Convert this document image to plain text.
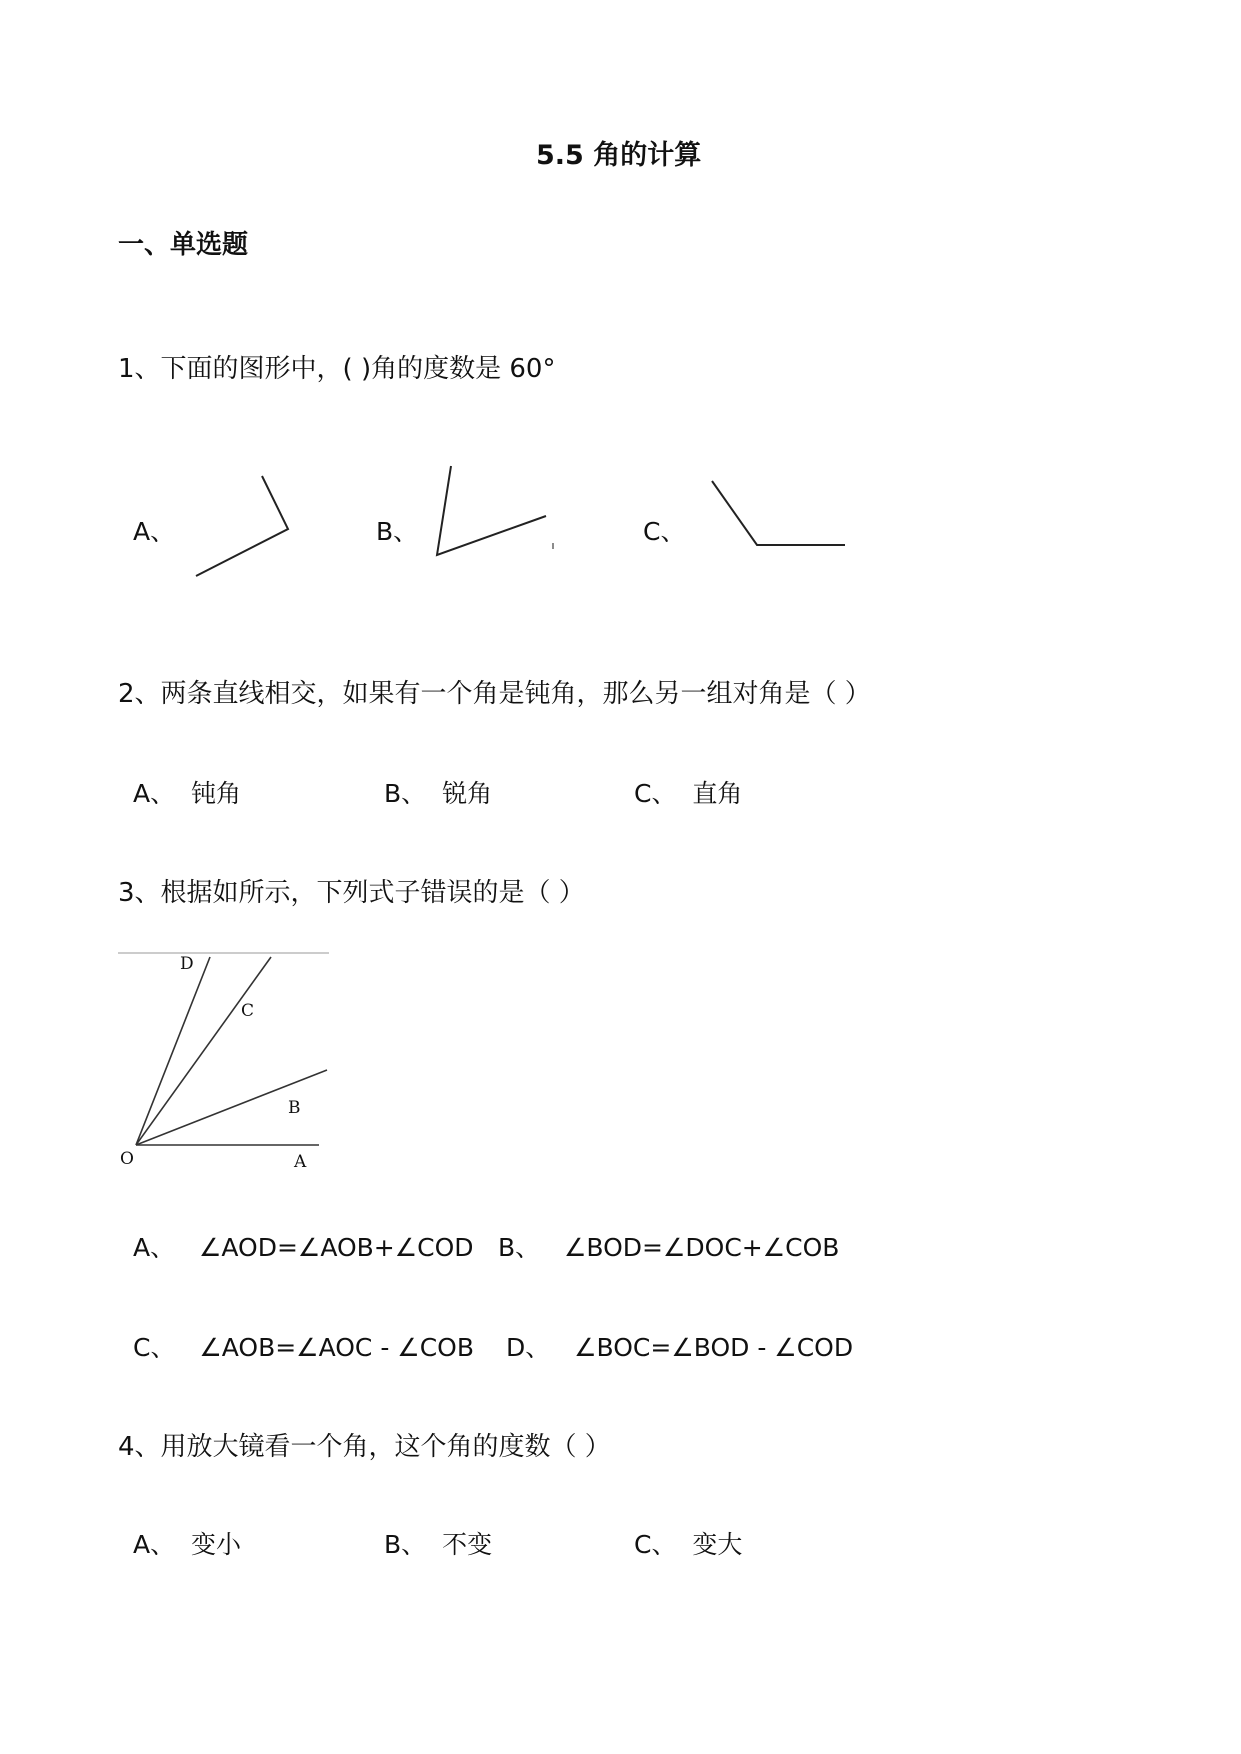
5.5 角的计算
一、单选题
1、下面的图形中，( )角的度数是 60°
A、	B、	C、
2、两条直线相交，如果有一个角是钝角，那么另一组对角是（ ）
A、 钝角	B、 锐角	C、 直角
3、根据如所示，下列式子错误的是（ ）
D
C
B
O	A
A、 ∠AOD=∠AOB+∠COD B、 ∠BOD=∠DOC+∠COB
C、 ∠AOB=∠AOC - ∠COB D、 ∠BOC=∠BOD - ∠COD
4、用放大镜看一个角，这个角的度数（ ）
A、 变小	B、 不变	C、 变大
